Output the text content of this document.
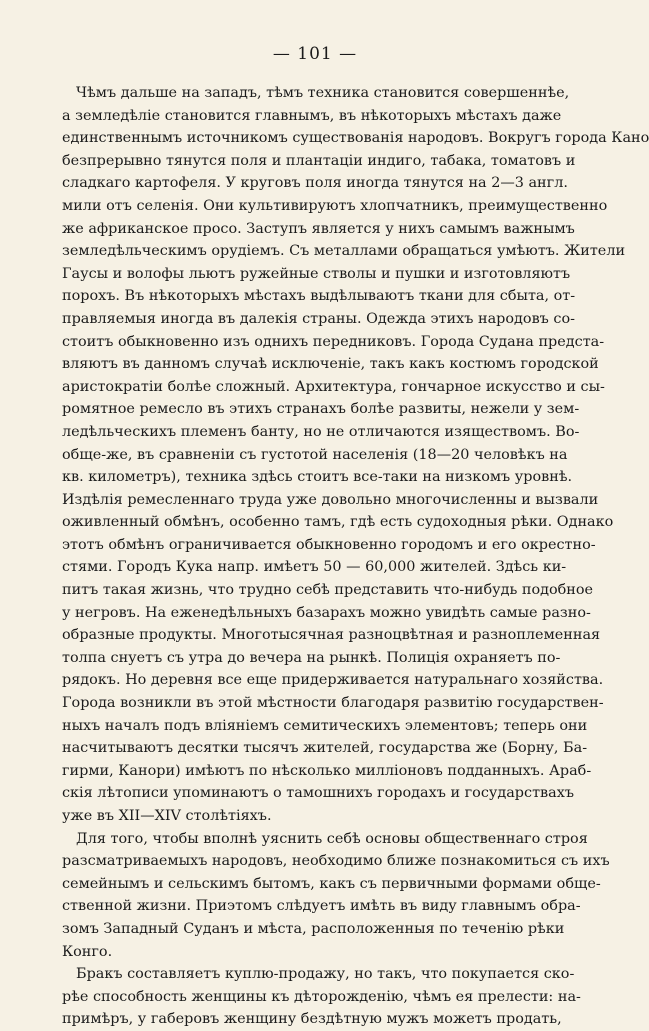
— 101 —
Чѣмъ дальше на западъ, тѣмъ техника становится совершеннѣе,
а земледѣліе становится главнымъ, въ нѣкоторыхъ мѣстахъ даже
единственнымъ источникомъ существованія народовъ. Вокругъ города Кано
безпрерывно тянутся поля и плантаціи индиго, табака, томатовъ и
сладкаго картофеля. У круговъ поля иногда тянутся на 2—3 англ.
мили отъ селенія. Они культивируютъ хлопчатникъ, преимущественно
же африканское просо. Заступъ является у нихъ самымъ важнымъ
земледѣльческимъ орудіемъ. Съ металлами обращаться умѣютъ. Жители
Гаусы и волофы льютъ ружейные стволы и пушки и изготовляютъ
порохъ. Въ нѣкоторыхъ мѣстахъ выдѣлываютъ ткани для сбыта, от-
правляемыя иногда въ далекія страны. Одежда этихъ народовъ со-
стоитъ обыкновенно изъ однихъ передниковъ. Города Судана предста-
вляютъ въ данномъ случаѣ исключеніе, такъ какъ костюмъ городской
аристократіи болѣе сложный. Архитектура, гончарное искусство и сы-
ромятное ремесло въ этихъ странахъ болѣе развиты, нежели у зем-
ледѣльческихъ племенъ банту, но не отличаются изяществомъ. Во-
обще-же, въ сравненіи съ густотой населенія (18—20 человѣкъ на
кв. километръ), техника здѣсь стоитъ все-таки на низкомъ уровнѣ.
Издѣлія ремесленнаго труда уже довольно многочисленны и вызвали
оживленный обмѣнъ, особенно тамъ, гдѣ есть судоходныя рѣки. Однако
этотъ обмѣнъ ограничивается обыкновенно городомъ и его окрестно-
стями. Городъ Кука напр. имѣетъ 50 — 60,000 жителей. Здѣсь ки-
питъ такая жизнь, что трудно себѣ представить что-нибудь подобное
у негровъ. На еженедѣльныхъ базарахъ можно увидѣть самые разно-
образные продукты. Многотысячная разноцвѣтная и разноплеменная
толпа снуетъ съ утра до вечера на рынкѣ. Полиція охраняетъ по-
рядокъ. Но деревня все еще придерживается натуральнаго хозяйства.
Города возникли въ этой мѣстности благодаря развитію государствен-
ныхъ началъ подъ вліяніемъ семитическихъ элементовъ; теперь они
насчитываютъ десятки тысячъ жителей, государства же (Борну, Ба-
гирми, Канори) имѣютъ по нѣсколько милліоновъ подданныхъ. Араб-
скія лѣтописи упоминаютъ о тамошнихъ городахъ и государствахъ
уже въ XII—XIV столѣтіяхъ.
Для того, чтобы вполнѣ уяснить себѣ основы общественнаго строя
разсматриваемыхъ народовъ, необходимо ближе познакомиться съ ихъ
семейнымъ и сельскимъ бытомъ, какъ съ первичными формами обще-
ственной жизни. Приэтомъ слѣдуетъ имѣть въ виду главнымъ обра-
зомъ Западный Суданъ и мѣста, расположенныя по теченію рѣки
Конго.
Бракъ составляетъ куплю-продажу, но такъ, что покупается ско-
рѣе способность женщины къ дѣторожденію, чѣмъ ея прелести: на-
примѣръ, у габеровъ женщину бездѣтную мужъ можетъ продать,
